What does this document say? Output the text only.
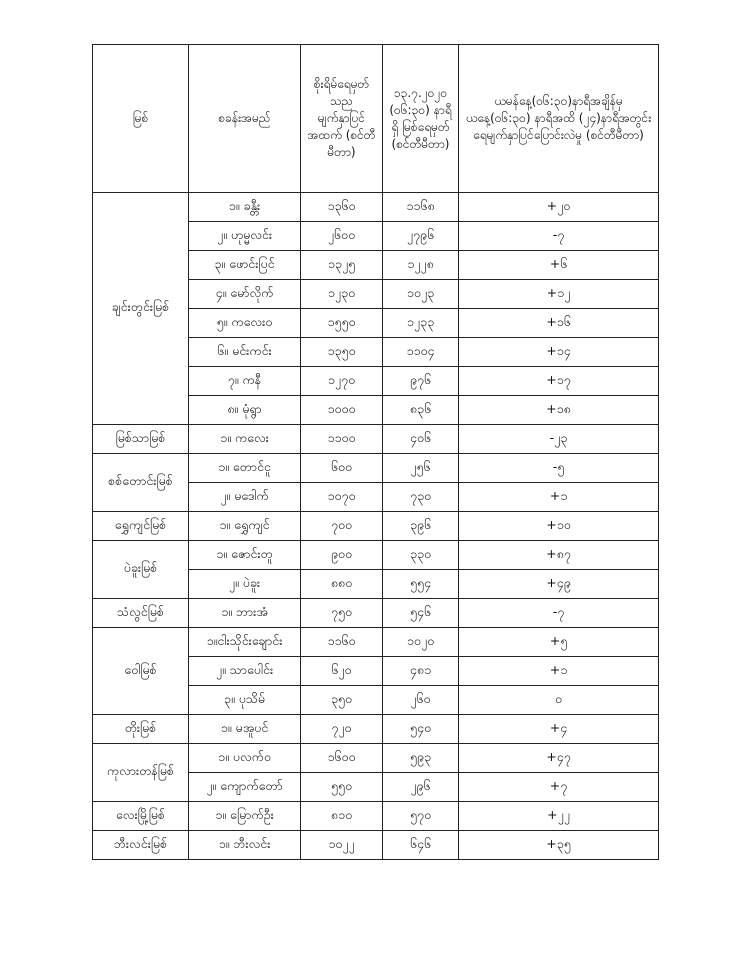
မြစ်	စခန်းအမည်	စိုးရိမ်ရေမှတ် သည မျက်နှာပြင် အထက် (စင်တီမီတာ)	၁၃.၇.၂၀၂၀ (၀၆:၃၀) နာရီရှိ မြစ်ရေမှတ် (စင်တီမီတာ)	ယမန်နေ့(၀၆:၃၀)နာရီအချိန်မှ ယနေ့(၀၆:၃၀) နာရီအထိ (၂၄)နာရီအတွင်း ရေမျက်နှာပြင်ပြောင်းလဲမှု (စင်တီမီတာ)
ချင်းတွင်းမြစ်	၁။ ခန္တီး	၁၃၆၀	၁၁၆၈	+၂၀
	၂။ ဟုမ္မလင်း	၂၆၀၀	၂၇၉၆	-၇
	၃။ ဖောင်းပြင်	၁၃၂၅	၁၂၂၈	+၆
	၄။ မော်လိုက်	၁၂၃၀	၁၀၂၃	+၁၂
	၅။ ကလေးဝ	၁၅၅၀	၁၂၃၃	+၁၆
	၆။ မင်းကင်း	၁၃၅၀	၁၁၀၄	+၁၄
	၇။ ကနီ	၁၂၇၀	၉၇၆	+၁၇
	၈။ မုံရွာ	၁၀၀၀	၈၃၆	+၁၈
မြစ်သာမြစ်	၁။ ကလေး	၁၁၀၀	၄၀၆	-၂၃
စစ်တောင်းမြစ်	၁။ တောင်ငူ	၆၀၀	၂၅၆	-၅
	၂။ မဒေါက်	၁၀၇၀	၇၃၀	+၁
ရွှေကျင်မြစ်	၁။ ရွှေကျင်	၇၀၀	၃၉၆	+၁၀
ပဲခူးမြစ်	၁။ ဇောင်းတူ	၉၀၀	၃၃၀	+၈၇
	၂။ ပဲခူး	၈၈၀	၅၅၄	+၄၉
သံလွင်မြစ်	၁။ ဘားအံ	၇၅၀	၅၄၆	-၇
ဝေါမြစ်	၁။ငါးသိုင်းချောင်း	၁၁၆၀	၁၀၂၀	+၅
	၂။ သာပေါင်း	၆၂၀	၄၈၁	+၁
	၃။ ပုသိမ်	၃၅၀	၂၆၀	၀
တိုးမြစ်	၁။ မအူပင်	၇၂၀	၅၄၀	+၄
ကုလားတန်မြစ်	၁။ ပလက်ဝ	၁၆၀၀	၅၉၃	+၄၇
	၂။ ကျောက်တော်	၅၅၀	၂၉၆	+၇
လေးမြို့မြစ်	၁။ မြောက်ဦး	၈၁၀	၅၇၀	+၂၂
ဘီးလင်းမြစ်	၁။ ဘီးလင်း	၁၀၂၂	၆၄၆	+၃၅
